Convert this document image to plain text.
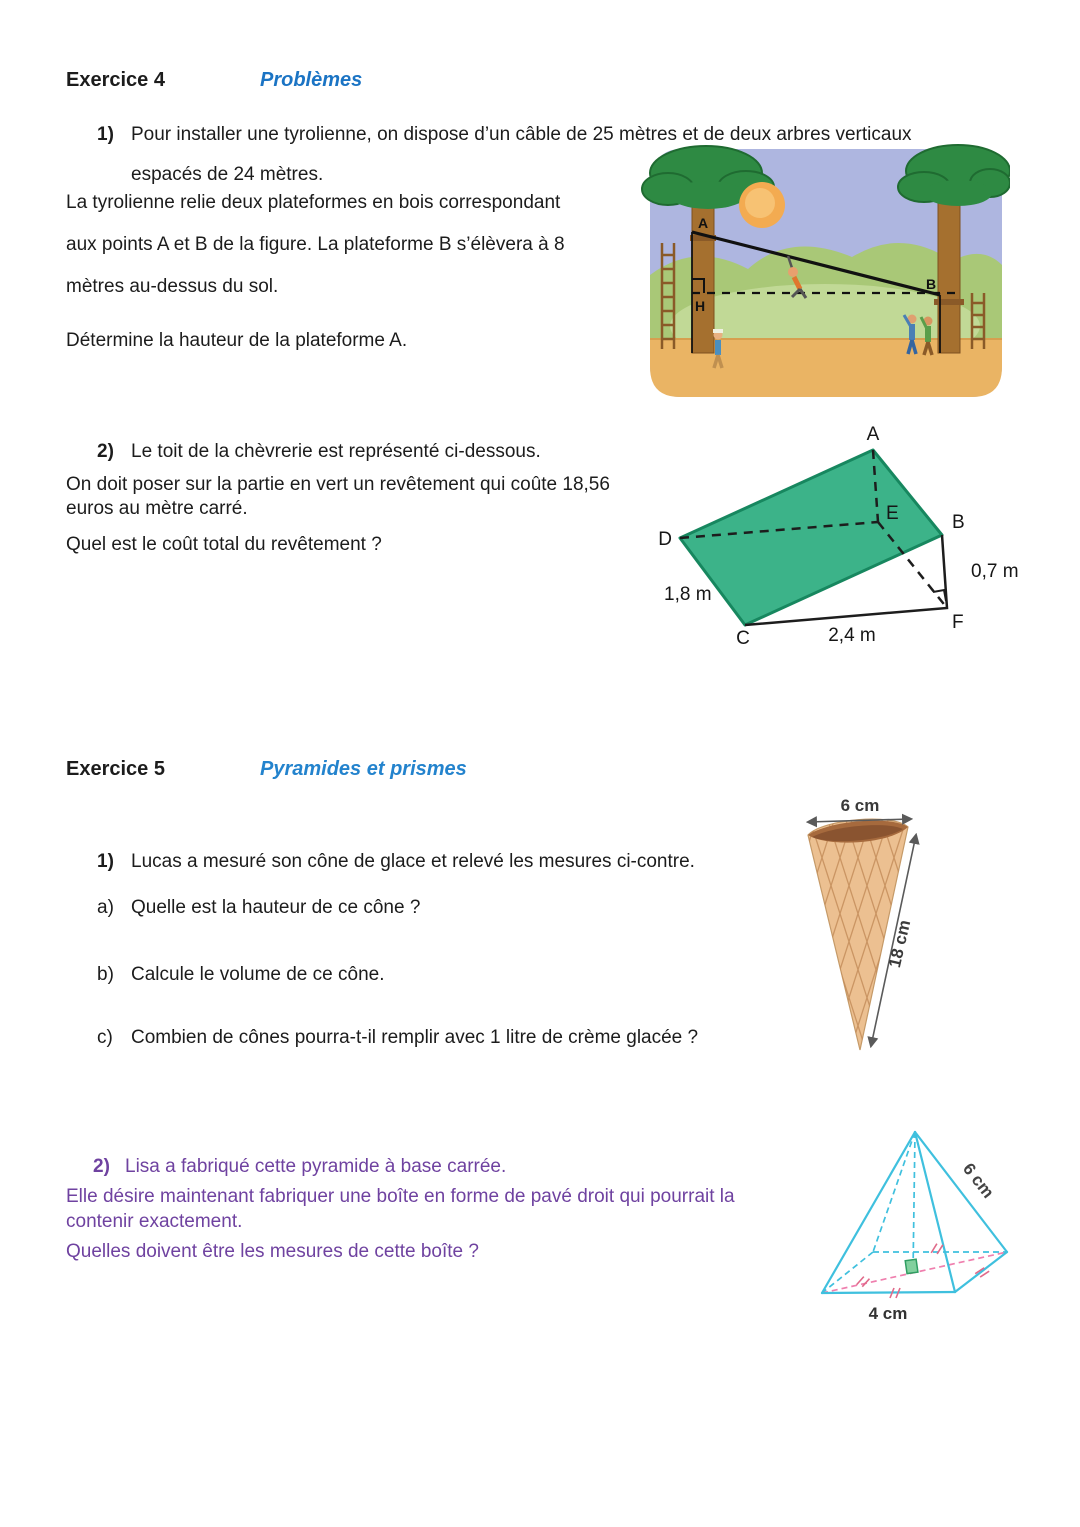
Exercice 4	Problèmes
1) Pour installer une tyrolienne, on dispose d’un câble de 25 mètres et de deux arbres verticaux
espacés de 24 mètres.
La tyrolienne relie deux plateformes en bois correspondant
aux points A et B de la figure. La plateforme B s’élèvera à 8
mètres au-dessus du sol.
Détermine la hauteur de la plateforme A.
A
H
B
2) Le toit de la chèvrerie est représenté ci-dessous.
On doit poser sur la partie en vert un revêtement qui coûte 18,56
euros au mètre carré.
Quel est le coût total du revêtement ?
A
B
C
D
E
F
1,8 m
2,4 m
0,7 m
Exercice 5	Pyramides et prismes
1) Lucas a mesuré son cône de glace et relevé les mesures ci-contre.
a) Quelle est la hauteur de ce cône ?
b) Calcule le volume de ce cône.
c) Combien de cônes pourra-t-il remplir avec 1 litre de crème glacée ?
6 cm
18 cm
2) Lisa a fabriqué cette pyramide à base carrée.
Elle désire maintenant fabriquer une boîte en forme de pavé droit qui pourrait la
contenir exactement.
Quelles doivent être les mesures de cette boîte ?
6 cm
4 cm
